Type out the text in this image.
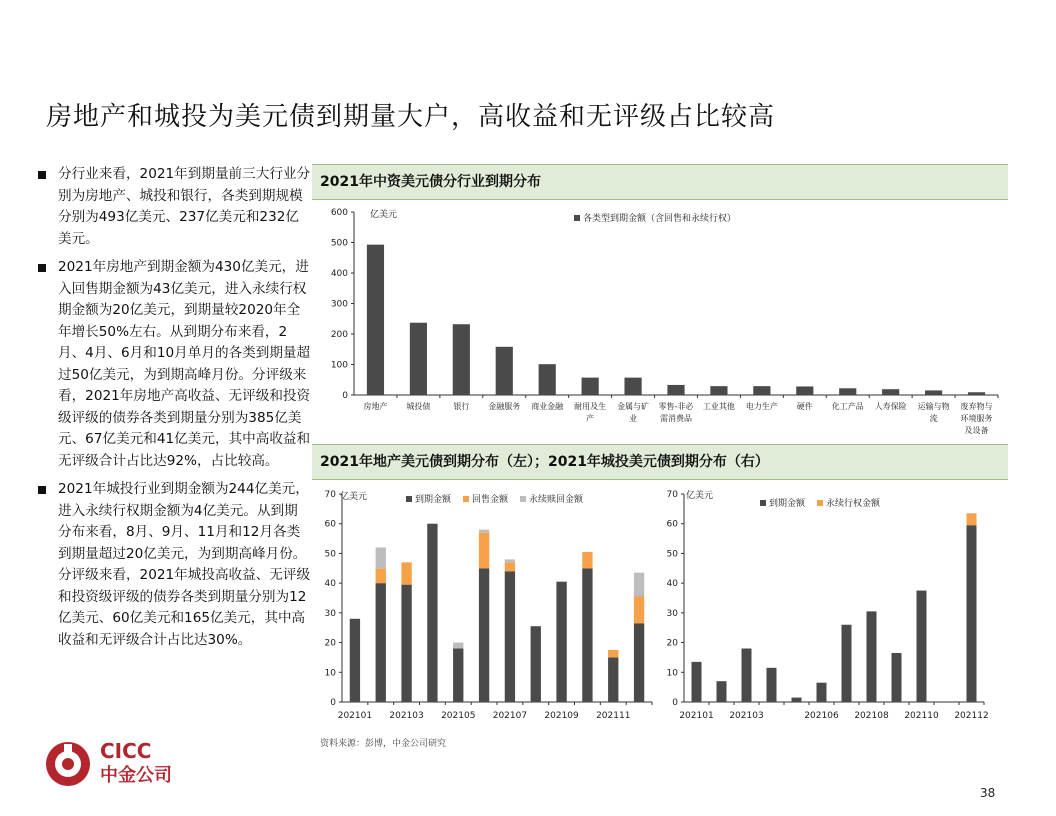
房地产和城投为美元债到期量大户，高收益和无评级占比较高
分行业来看，2021年到期量前三大行业分别为房地产、城投和银行，各类到期规模分别为493亿美元、237亿美元和232亿美元。
2021年房地产到期金额为430亿美元，进入回售期金额为43亿美元，进入永续行权期金额为20亿美元，到期量较2020年全年增长50%左右。从到期分布来看，2月、4月、6月和10月单月的各类到期量超过50亿美元，为到期高峰月份。分评级来看，2021年房地产高收益、无评级和投资级评级的债券各类到期量分别为385亿美元、67亿美元和41亿美元，其中高收益和无评级合计占比达92%，占比较高。
2021年城投行业到期金额为244亿美元，进入永续行权期金额为4亿美元。从到期分布来看，8月、9月、11月和12月各类到期量超过20亿美元，为到期高峰月份。分评级来看，2021年城投高收益、无评级和投资级评级的债券各类到期量分别为12亿美元、60亿美元和165亿美元，其中高收益和无评级合计占比达30%。
2021年中资美元债分行业到期分布
0
100
200
300
400
500
600 亿美元
房地产 城投债	银行 金融服务 商业金融 耐用及生
产
金属与矿
业
零售-非必
需消费品
工业其他 电力生产 硬件 化工产品 人寿保险 运输与物
流
废弃物与
环境服务
及设备
各类型到期金额（含回售和永续行权）
2021年地产美元债到期分布（左）；2021年城投美元债到期分布（右）
0
10
20
30
40
50
60
70 亿美元
202101 202103 202105 202107 202109 202111
到期金额 回售金额 永续赎回金额
0
10
20
30
40
50
60
70 亿美元
202101 202103	202106 202108 202110 202112
到期金额 永续行权金额
资料来源：彭博，中金公司研究
CICC
中金公司
38
